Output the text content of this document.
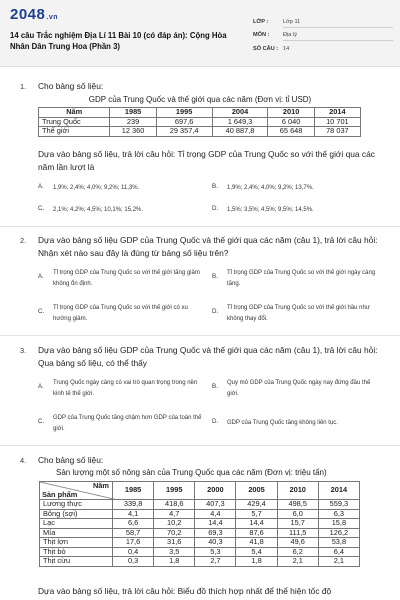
2048.vn
14 câu Trắc nghiệm Địa Lí 11 Bài 10 (có đáp án): Cộng Hòa Nhân Dân Trung Hoa (Phần 3)
LỚP :	Lớp 11
MÔN : Địa lý
SỐ CÂU : 14
1. Cho bảng số liệu:
GDP của Trung Quốc và thế giới qua các năm (Đơn vị: tỉ USD)
Năm	1985	1995	2004	2010	2014
Trung Quốc	239	697,6	1 649,3	6 040	10 701
Thế giới	12 360	29 357,4	40 887,8	65 648	78 037
Dựa vào bảng số liệu, trả lời câu hỏi: Tỉ trọng GDP của Trung Quốc so với thế giới qua các năm lần lượt là
A. 1,9%; 2,4%; 4,0%; 9,2%; 11,3%.	B. 1,9%; 2,4%; 4,0%; 9,2%; 13,7%.
C. 2,1%; 4,2%; 4,5%; 10,1%; 15,2%.	D. 1,5%; 3,5%; 4,5%; 9,5%; 14,5%.
2. Dựa vào bảng số liệu GDP của Trung Quốc và thế giới qua các năm (câu 1), trả lời câu hỏi: Nhận xét nào sau đây là đúng từ bảng số liệu trên?
A. Tỉ trọng GDP của Trung Quốc so với thế giới tăng giảm không ổn định.
B. Tỉ trọng GDP của Trung Quốc so với thế giới ngày càng tăng.
C. Tỉ trọng GDP của Trung Quốc so với thế giới có xu hướng giảm.
D. Tỉ trọng GDP của Trung Quốc so với thế giới hầu như không thay đổi.
3. Dựa vào bảng số liệu GDP của Trung Quốc và thế giới qua các năm (câu 1), trả lời câu hỏi: Qua bảng số liệu, có thể thấy
A. Trung Quốc ngày càng có vai trò quan trọng trong nền kinh tế thế giới.
B. Quy mô GDP của Trung Quốc ngày nay đứng đầu thế giới.
C. GDP của Trung Quốc tăng chậm hơn GDP của toàn thế giới.
D. GDP của Trung Quốc tăng không liên tục.
4. Cho bảng số liệu:
Sản lượng một số nông sản của Trung Quốc qua các năm (Đơn vị: triệu tấn)
Năm
Sản phẩm	1985	1995	2000	2005	2010	2014
Lương thực	339,8	418,6	407,3	429,4	498,5	559,3
Bông (sợi)	4,1	4,7	4,4	5,7	6,0	6,3
Lạc	6,6	10,2	14,4	14,4	15,7	15,8
Mía	58,7	70,2	69,3	87,6	111,5	126,2
Thịt lợn	17,6	31,6	40,3	41,8	49,6	53,8
Thịt bò	0,4	3,5	5,3	5,4	6,2	6,4
Thịt cừu	0,3	1,8	2,7	1,8	2,1	2,1
Dựa vào bảng số liệu, trả lời câu hỏi: Biểu đồ thích hợp nhất để thể hiện tốc độ
